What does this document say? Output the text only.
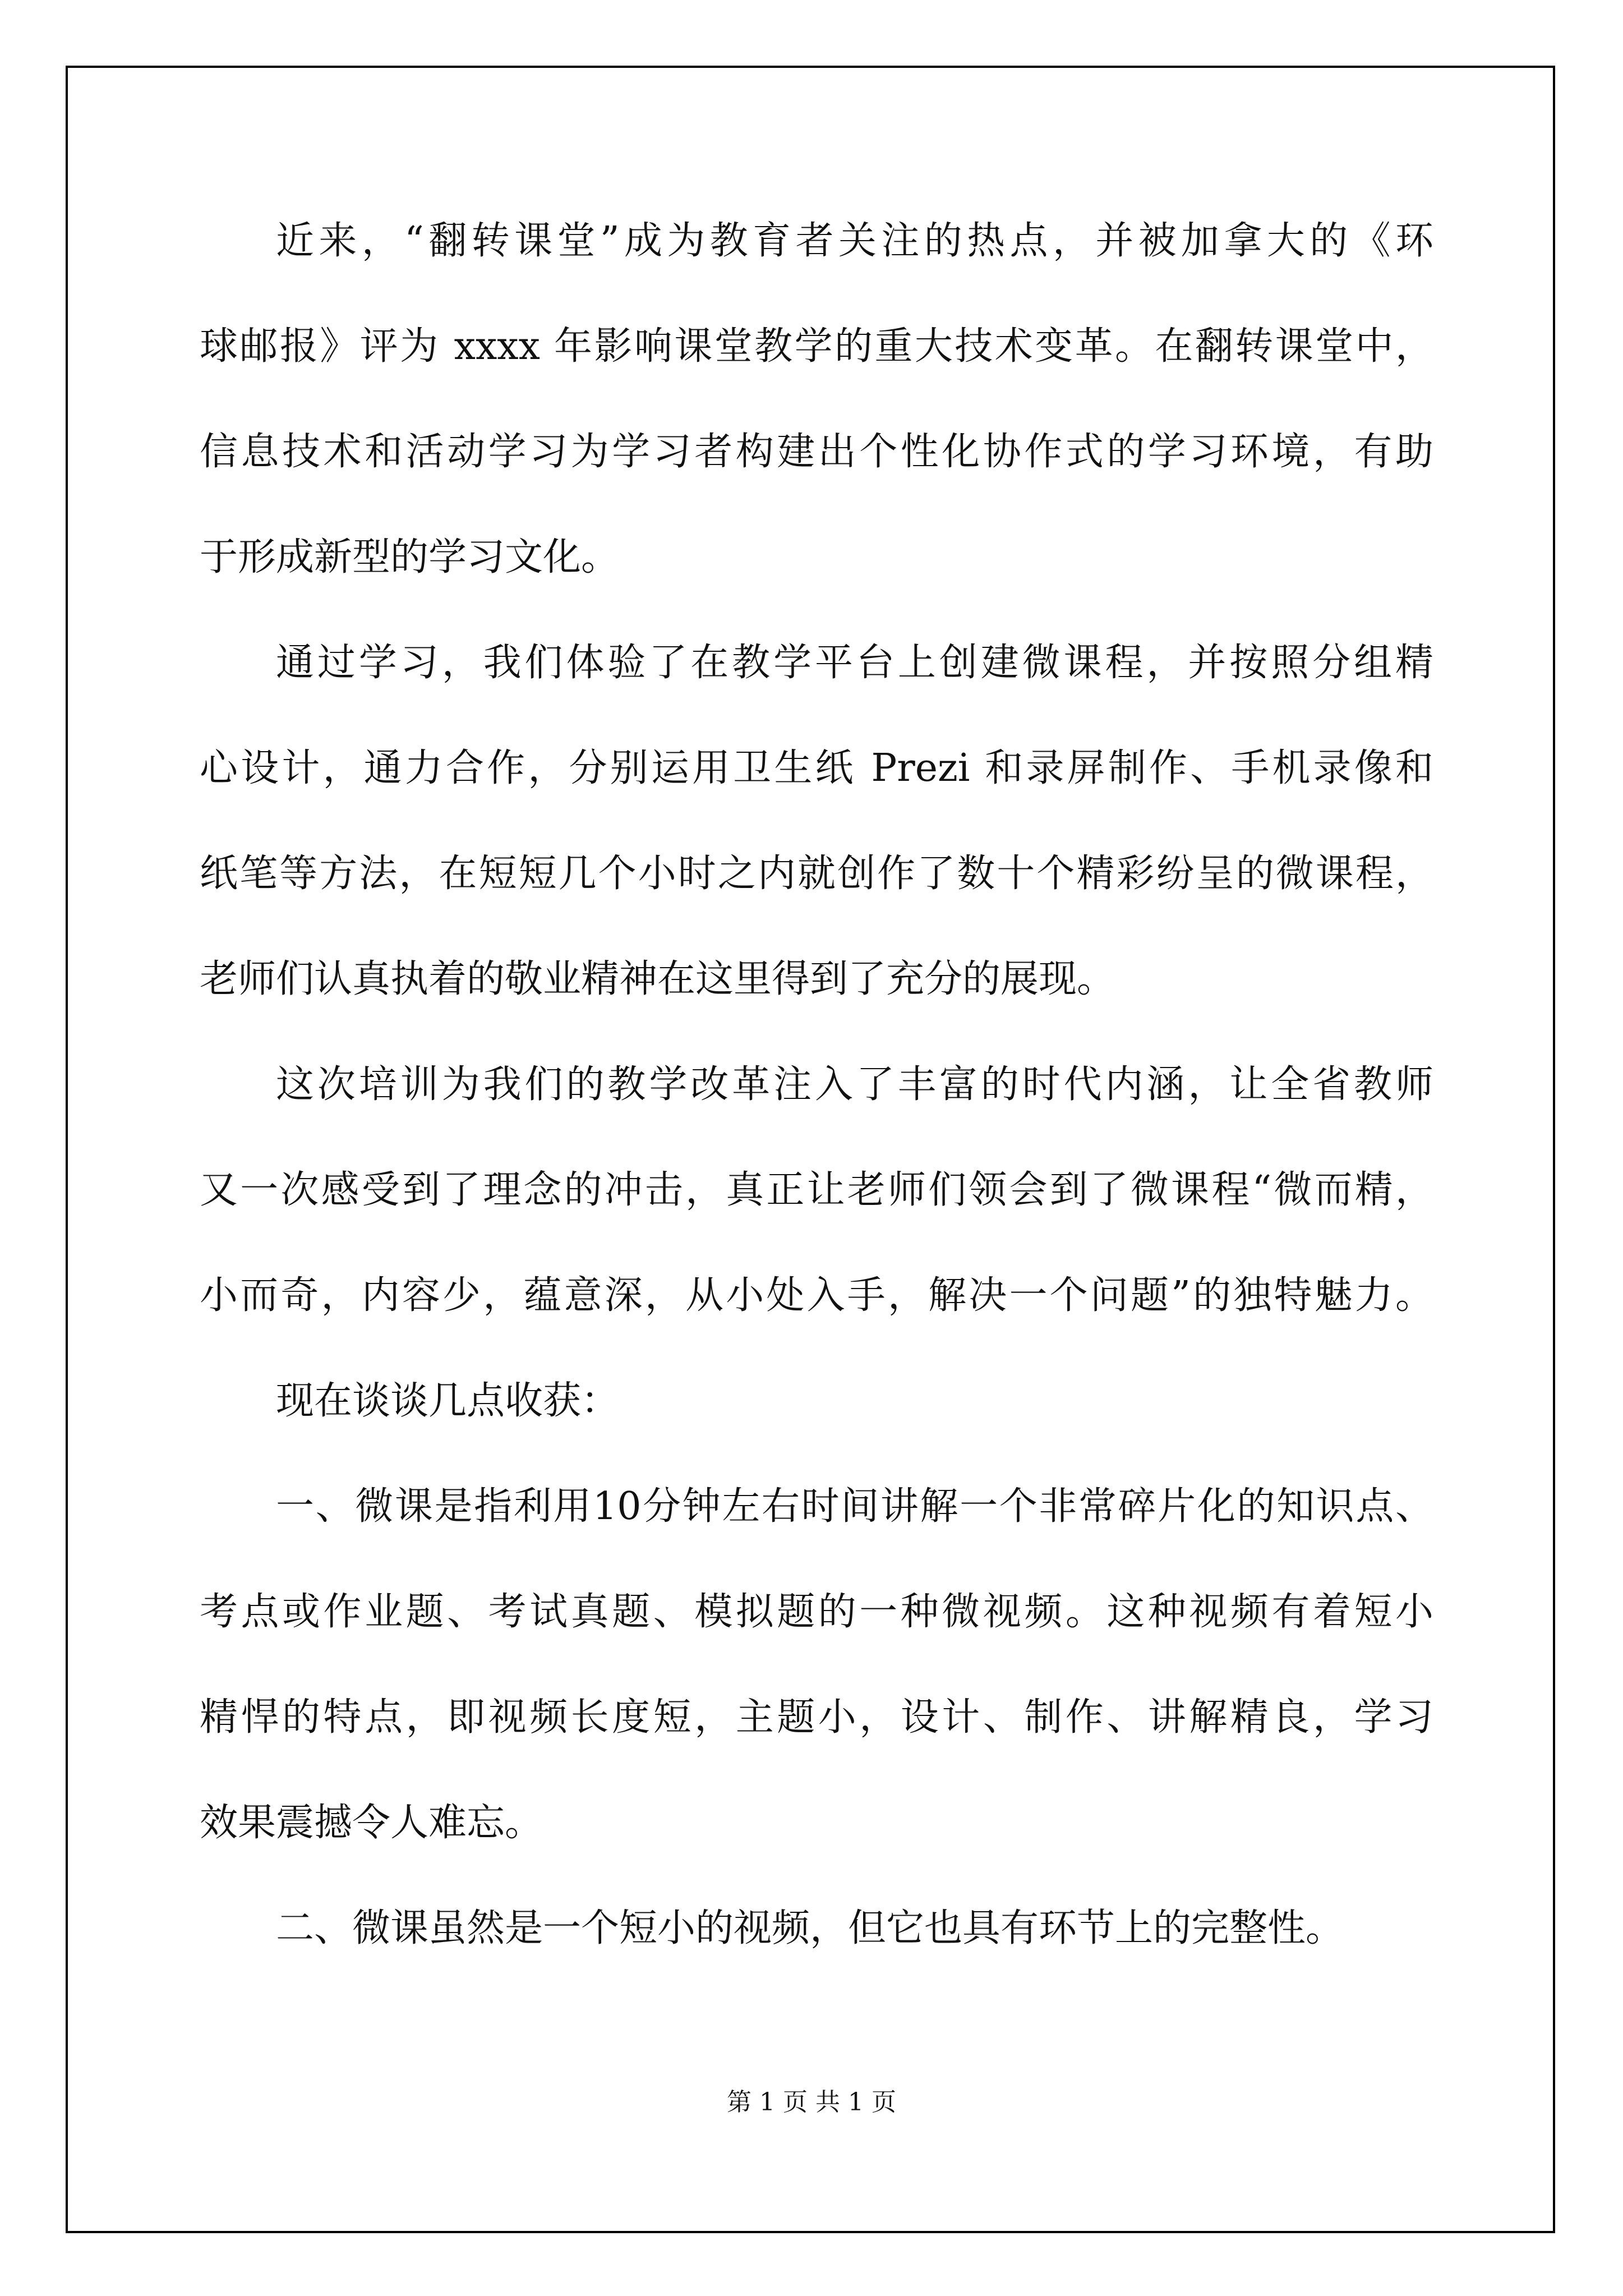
近来，“翻转课堂”成为教育者关注的热点，并被加拿大的《环
球邮报》评为 xxxx 年影响课堂教学的重大技术变革。在翻转课堂中，
信息技术和活动学习为学习者构建出个性化协作式的学习环境，有助
于形成新型的学习文化。
通过学习，我们体验了在教学平台上创建微课程，并按照分组精
心设计，通力合作，分别运用卫生纸 Prezi 和录屏制作、手机录像和
纸笔等方法，在短短几个小时之内就创作了数十个精彩纷呈的微课程，
老师们认真执着的敬业精神在这里得到了充分的展现。
这次培训为我们的教学改革注入了丰富的时代内涵，让全省教师
又一次感受到了理念的冲击，真正让老师们领会到了微课程“微而精，
小而奇，内容少，蕴意深，从小处入手，解决一个问题”的独特魅力。
现在谈谈几点收获：
一、微课是指利用10分钟左右时间讲解一个非常碎片化的知识点、
考点或作业题、考试真题、模拟题的一种微视频。这种视频有着短小
精悍的特点，即视频长度短，主题小，设计、制作、讲解精良，学习
效果震撼令人难忘。
二、微课虽然是一个短小的视频，但它也具有环节上的完整性。
第 1 页 共 1 页
